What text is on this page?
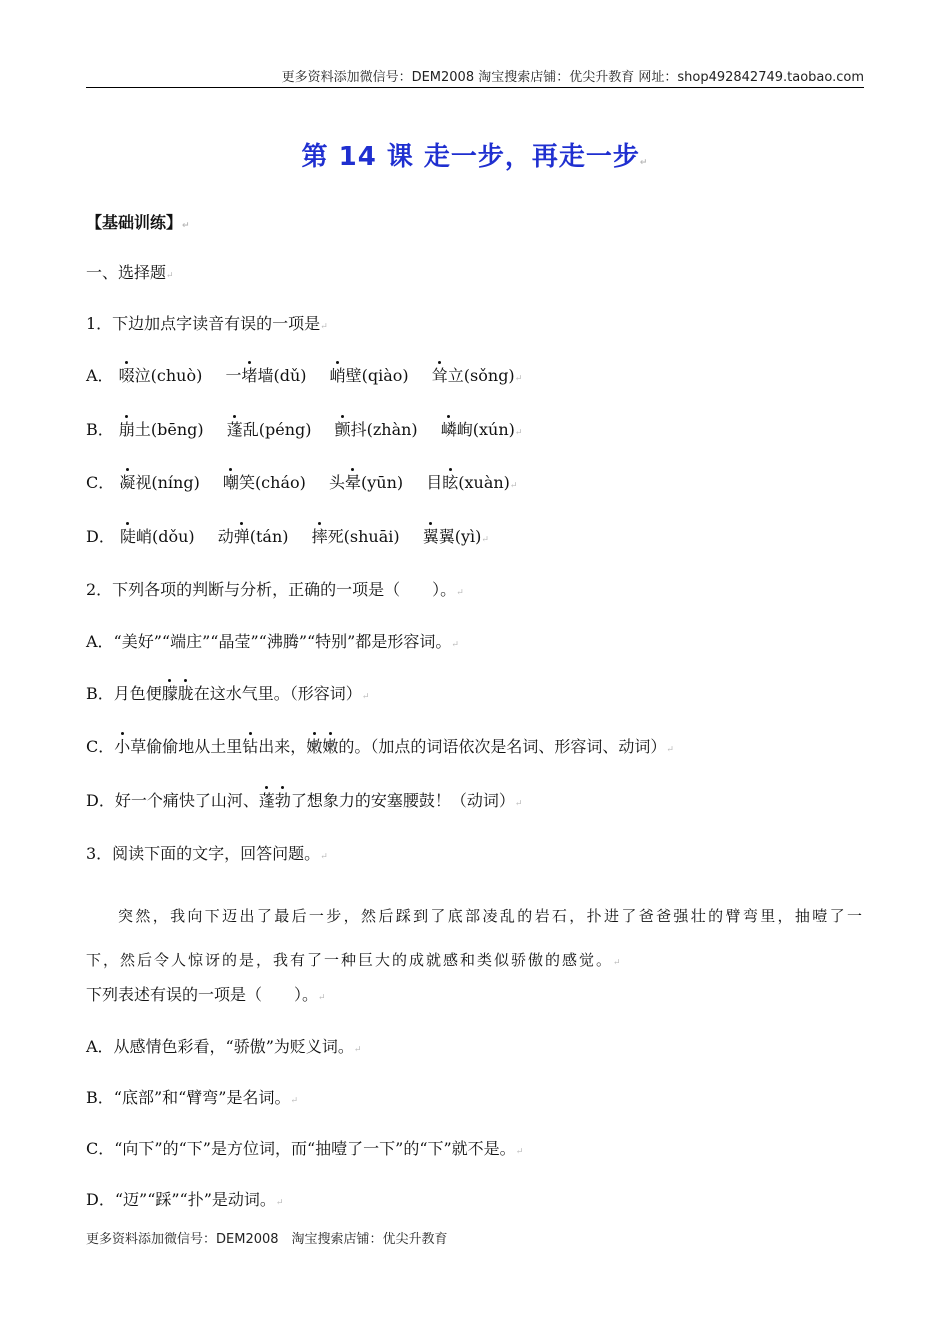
更多资料添加微信号：DEM2008 淘宝搜索店铺：优尖升教育 网址：shop492842749.taobao.com
第 14 课 走一步，再走一步↵
【基础训练】↵
一、选择题↵
1．下边加点字读音有误的一项是↵
A． 啜泣(chuò) 一堵墙(dǔ) 峭壁(qiào) 耸立(sǒng)↵
B． 崩土(bēng) 蓬乱(péng) 颤抖(zhàn) 嶙峋(xún)↵
C． 凝视(níng) 嘲笑(cháo) 头晕(yūn) 目眩(xuàn)↵
D． 陡峭(dǒu) 动弹(tán) 摔死(shuāi) 翼翼(yì)↵
2．下列各项的判断与分析，正确的一项是（　　）。↵
A．“美好”“端庄”“晶莹”“沸腾”“特别”都是形容词。↵
B．月色便朦胧在这水气里。（形容词）↵
C．小草偷偷地从土里钻出来，嫩嫩的。（加点的词语依次是名词、形容词、动词）↵
D．好一个痛快了山河、蓬勃了想象力的安塞腰鼓！（动词）↵
3．阅读下面的文字，回答问题。↵
突然，我向下迈出了最后一步，然后踩到了底部凌乱的岩石，扑进了爸爸强壮的臂弯里，抽噎了一下，然后令人惊讶的是，我有了一种巨大的成就感和类似骄傲的感觉。↵
下列表述有误的一项是（　　）。↵
A．从感情色彩看，“骄傲”为贬义词。↵
B．“底部”和“臂弯”是名词。↵
C．“向下”的“下”是方位词，而“抽噎了一下”的“下”就不是。↵
D．“迈”“踩”“扑”是动词。↵
更多资料添加微信号：DEM2008　淘宝搜索店铺：优尖升教育
